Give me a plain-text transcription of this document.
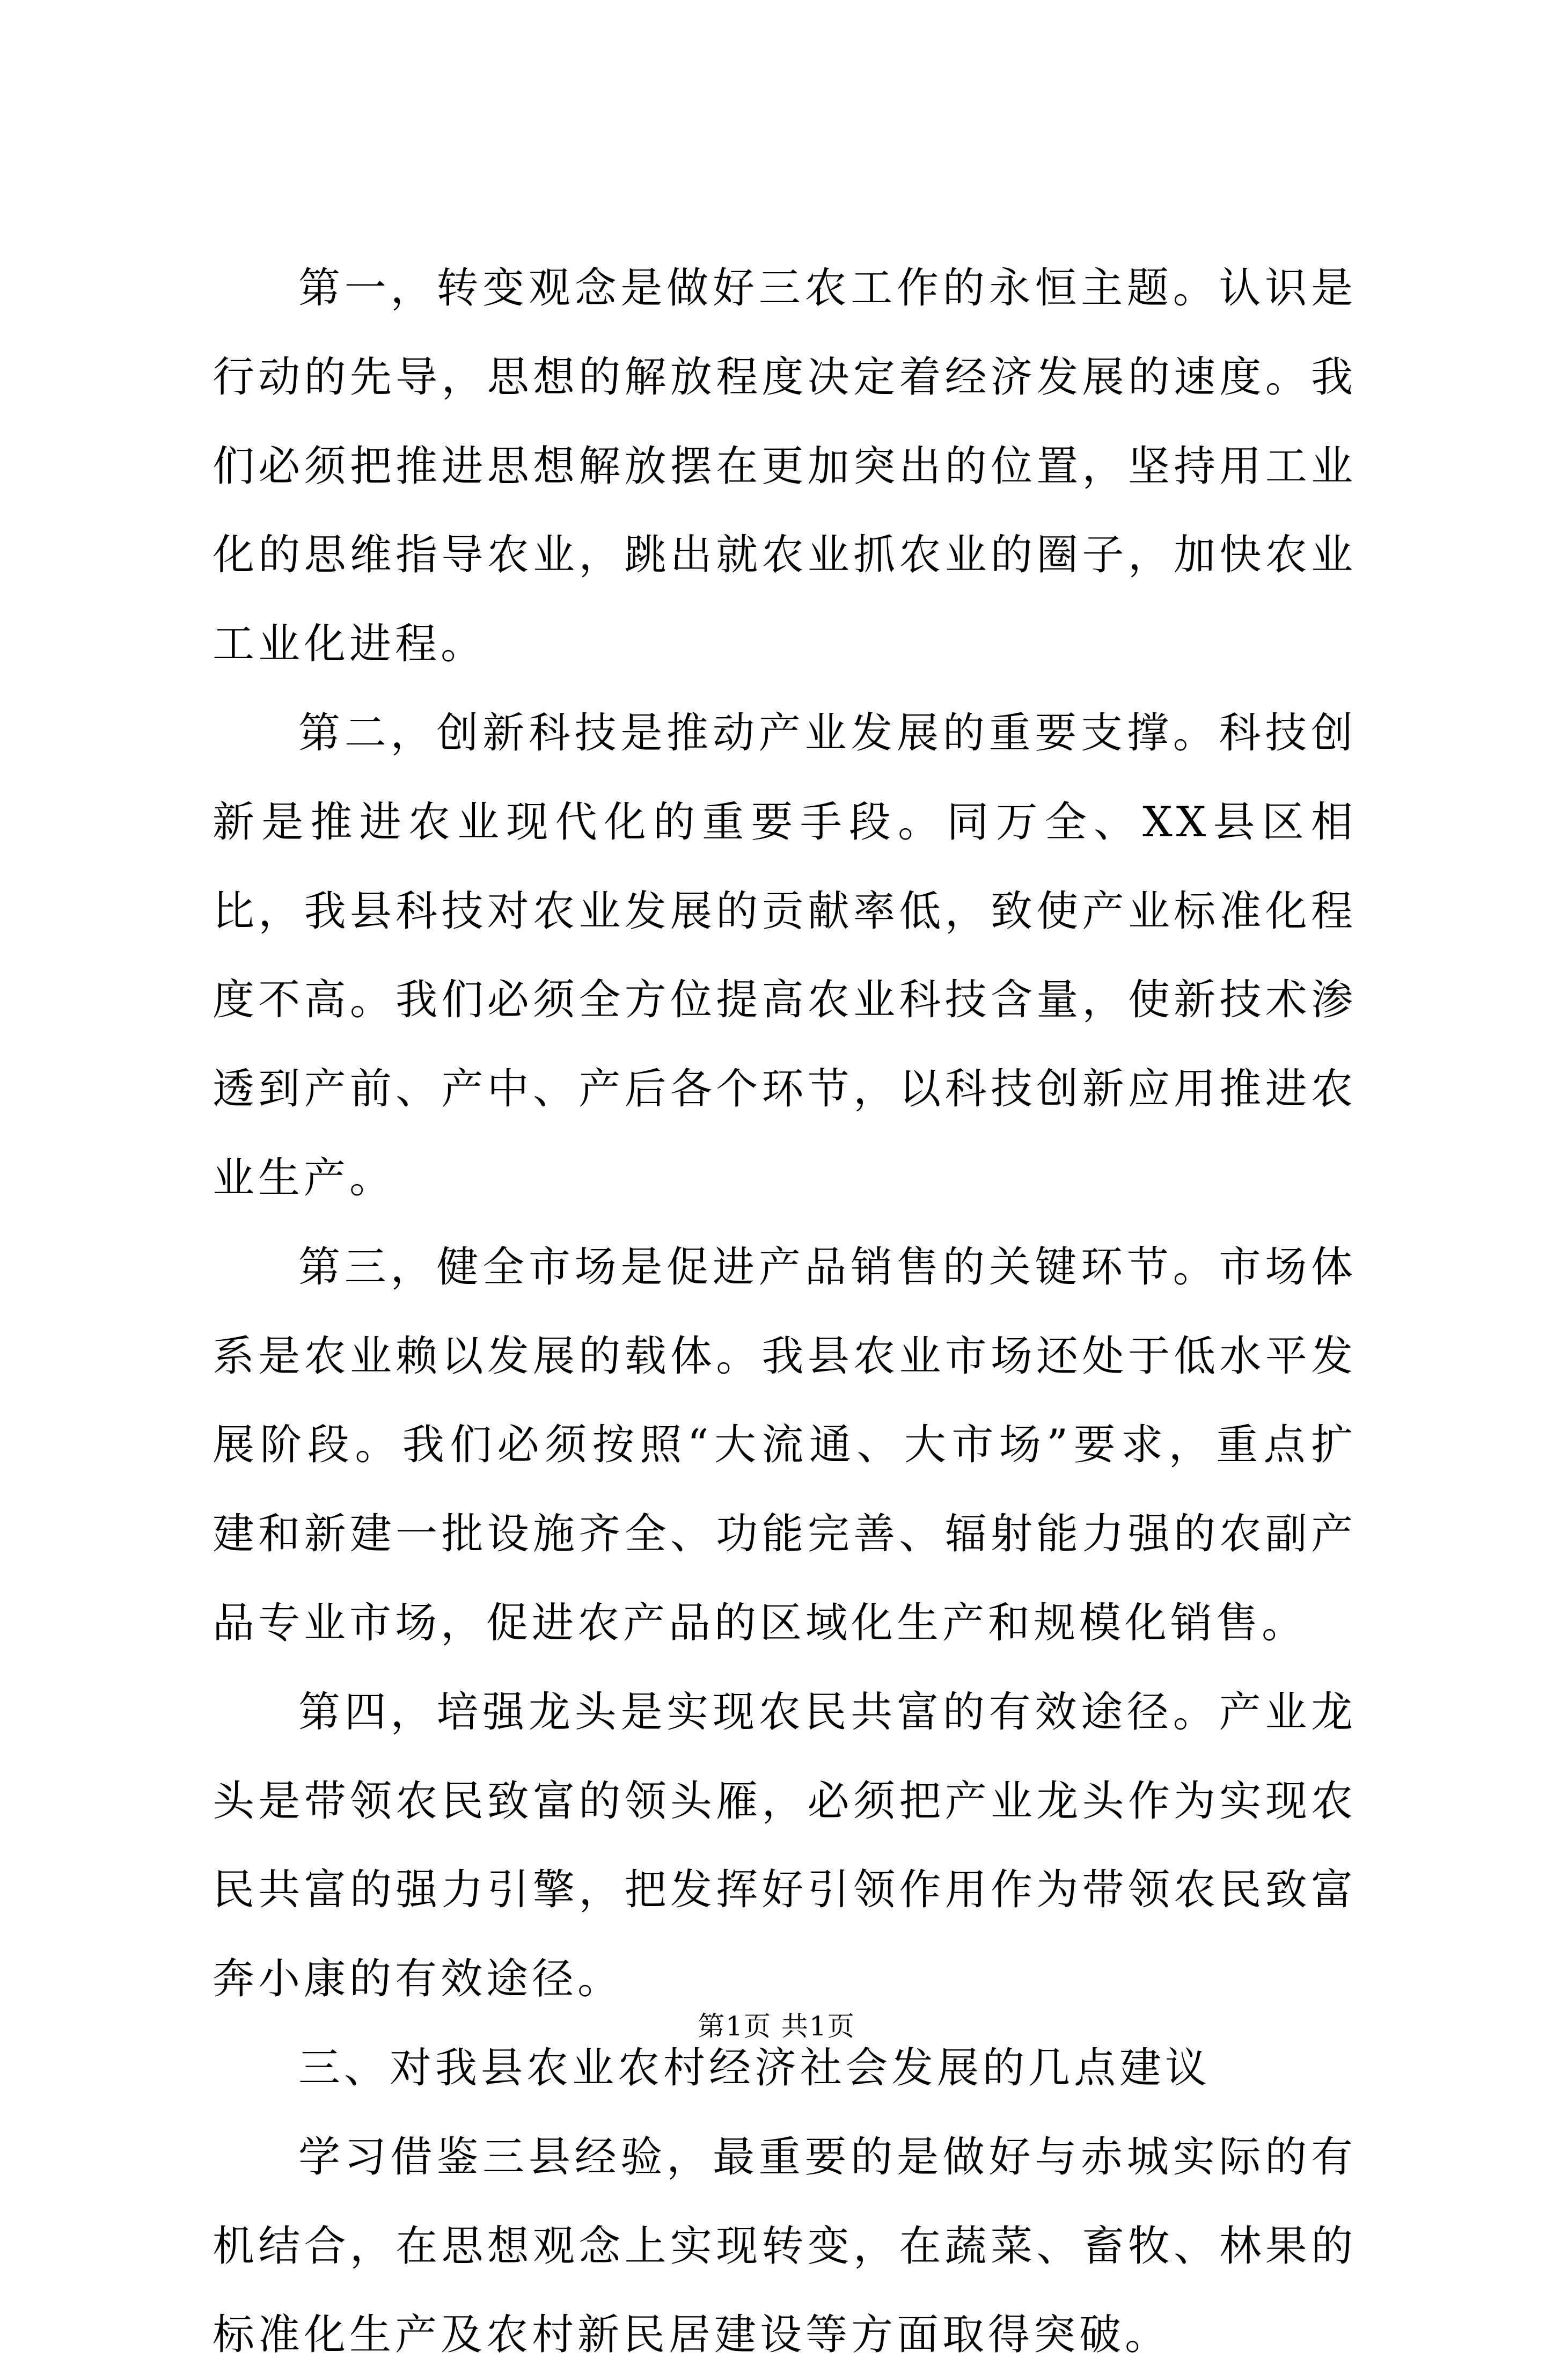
第一，转变观念是做好三农工作的永恒主题。认识是行动的先导，思想的解放程度决定着经济发展的速度。我们必须把推进思想解放摆在更加突出的位置，坚持用工业化的思维指导农业，跳出就农业抓农业的圈子，加快农业工业化进程。

第二，创新科技是推动产业发展的重要支撑。科技创新是推进农业现代化的重要手段。同万全、XX县区相比，我县科技对农业发展的贡献率低，致使产业标准化程度不高。我们必须全方位提高农业科技含量，使新技术渗透到产前、产中、产后各个环节，以科技创新应用推进农业生产。

第三，健全市场是促进产品销售的关键环节。市场体系是农业赖以发展的载体。我县农业市场还处于低水平发展阶段。我们必须按照“大流通、大市场”要求，重点扩建和新建一批设施齐全、功能完善、辐射能力强的农副产品专业市场，促进农产品的区域化生产和规模化销售。

第四，培强龙头是实现农民共富的有效途径。产业龙头是带领农民致富的领头雁，必须把产业龙头作为实现农民共富的强力引擎，把发挥好引领作用作为带领农民致富奔小康的有效途径。

三、对我县农业农村经济社会发展的几点建议

学习借鉴三县经验，最重要的是做好与赤城实际的有机结合，在思想观念上实现转变，在蔬菜、畜牧、林果的标准化生产及农村新民居建设等方面取得突破。

第1页 共1页
